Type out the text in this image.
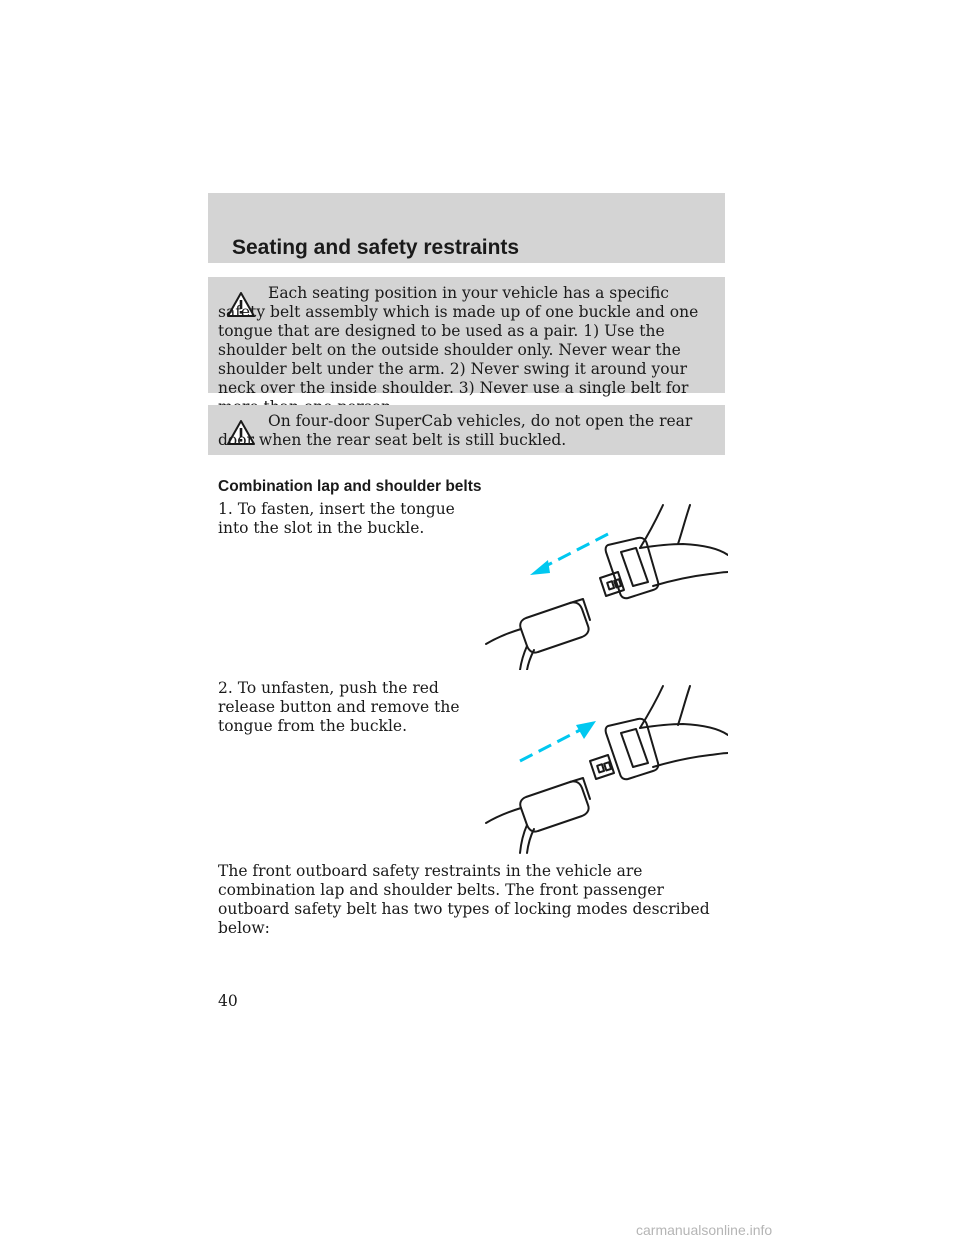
Seating and safety restraints

Each seating position in your vehicle has a specific safety belt assembly which is made up of one buckle and one tongue that are designed to be used as a pair. 1) Use the shoulder belt on the outside shoulder only. Never wear the shoulder belt under the arm. 2) Never swing it around your neck over the inside shoulder. 3) Never use a single belt for

On four-door SuperCab vehicles, do not open the rear door when the rear seat belt is still buckled.

Combination lap and shoulder belts

1. To fasten, insert the tongue into the slot in the buckle.

2. To unfasten, push the red release button and remove the tongue from the buckle.

The front outboard safety restraints in the vehicle are combination lap and shoulder belts. The front passenger outboard safety belt has two types of locking modes described below:

40
carmanualsonline.info
